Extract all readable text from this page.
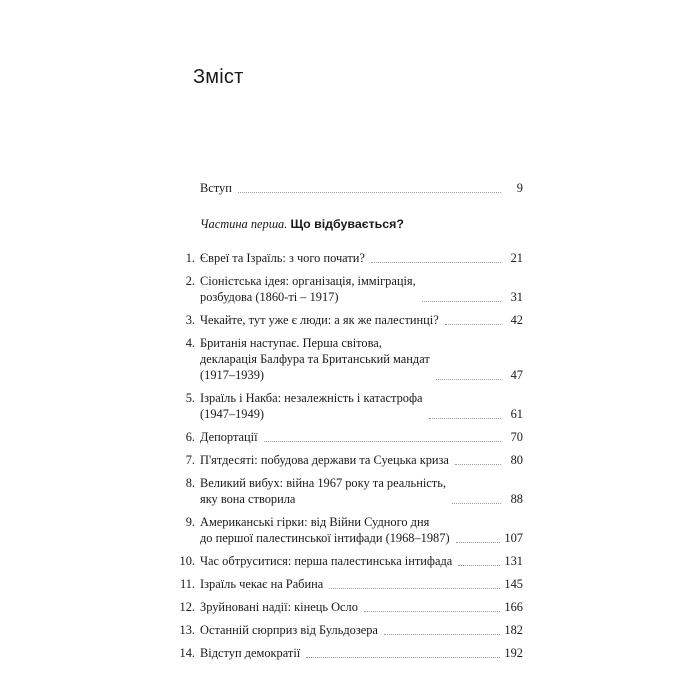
Зміст
Вступ	9
Частина перша. Що відбувається?
1. Євреї та Ізраїль: з чого почати?	21
2. Сіоністська ідея: організація, імміграція,
розбудова (1860-ті – 1917)	31
3. Чекайте, тут уже є люди: а як же палестинці?	42
4. Британія наступає. Перша світова,
декларація Балфура та Британський мандат
(1917–1939)	47
5. Ізраїль і Накба: незалежність і катастрофа
(1947–1949)	61
6. Депортації	70
7. П'ятдесяті: побудова держави та Суецька криза	80
8. Великий вибух: війна 1967 року та реальність,
яку вона створила	88
9. Американські гірки: від Війни Судного дня
до першої палестинської інтифади (1968–1987)	107
10. Час обтруситися: перша палестинська інтифада	131
11. Ізраїль чекає на Рабина	145
12. Зруйновані надії: кінець Осло	166
13. Останній сюрприз від Бульдозера	182
14. Відступ демократії	192
